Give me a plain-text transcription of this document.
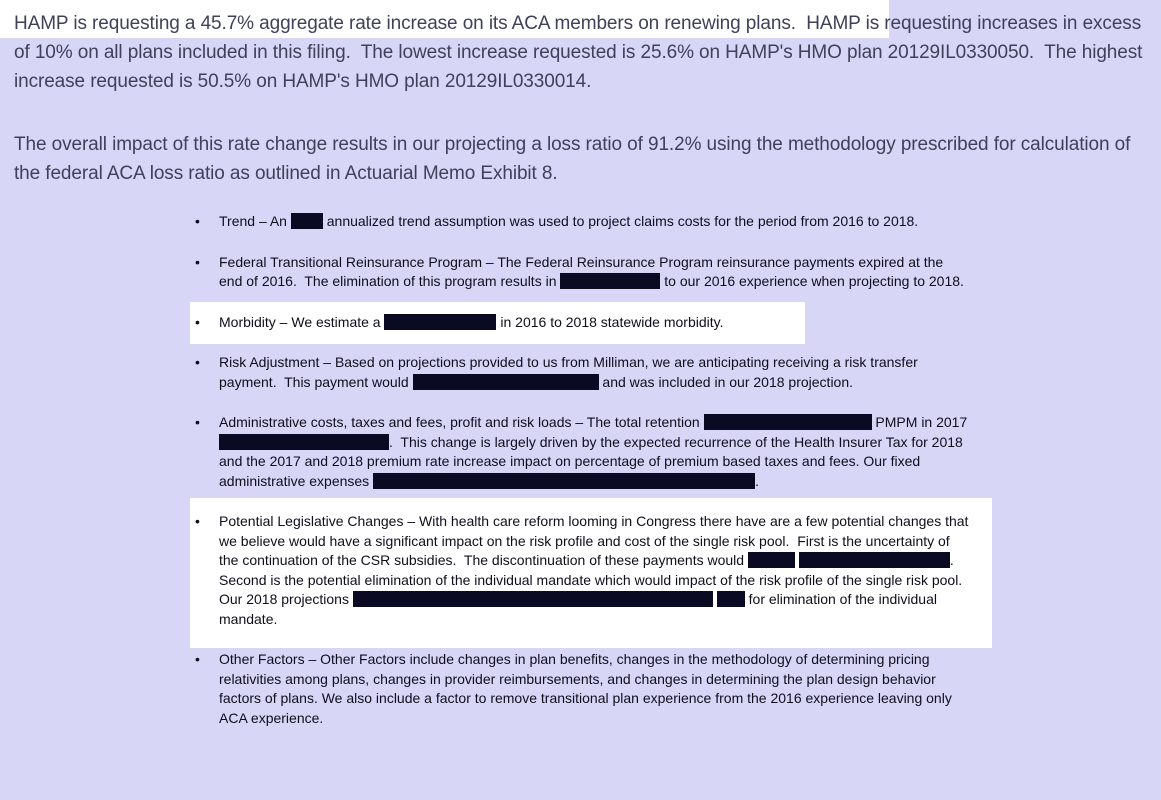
HAMP is requesting a 45.7% aggregate rate increase on its ACA members on renewing plans.  HAMP is requesting increases in excess of 10% on all plans included in this filing.  The lowest increase requested is 25.6% on HAMP's HMO plan 20129IL0330050.  The highest increase requested is 50.5% on HAMP's HMO plan 20129IL0330014.

The overall impact of this rate change results in our projecting a loss ratio of 91.2% using the methodology prescribed for calculation of the federal ACA loss ratio as outlined in Actuarial Memo Exhibit 8.

• Trend – An  annualized trend assumption was used to project claims costs for the period from 2016 to 2018.
• Federal Transitional Reinsurance Program – The Federal Reinsurance Program reinsurance payments expired at the end of 2016.  The elimination of this program results in	to our 2016 experience when projecting to 2018.
• Morbidity – We estimate a	in 2016 to 2018 statewide morbidity.
• Risk Adjustment – Based on projections provided to us from Milliman, we are anticipating receiving a risk transfer payment.  This payment would	and was included in our 2018 projection.
• Administrative costs, taxes and fees, profit and risk loads – The total retention	PMPM in 2017 .  This change is largely driven by the expected recurrence of the Health Insurer Tax for 2018 and the 2017 and 2018 premium rate increase impact on percentage of premium based taxes and fees. Our fixed administrative expenses	.
• Potential Legislative Changes – With health care reform looming in Congress there have are a few potential changes that we believe would have a significant impact on the risk profile and cost of the single risk pool.  First is the uncertainty of the continuation of the CSR subsidies.  The discontinuation of these payments would	.  Second is the potential elimination of the individual mandate which would impact of the risk profile of the single risk pool.  Our 2018 projections	for elimination of the individual mandate.
• Other Factors – Other Factors include changes in plan benefits, changes in the methodology of determining pricing relativities among plans, changes in provider reimbursements, and changes in determining the plan design behavior factors of plans. We also include a factor to remove transitional plan experience from the 2016 experience leaving only ACA experience.
